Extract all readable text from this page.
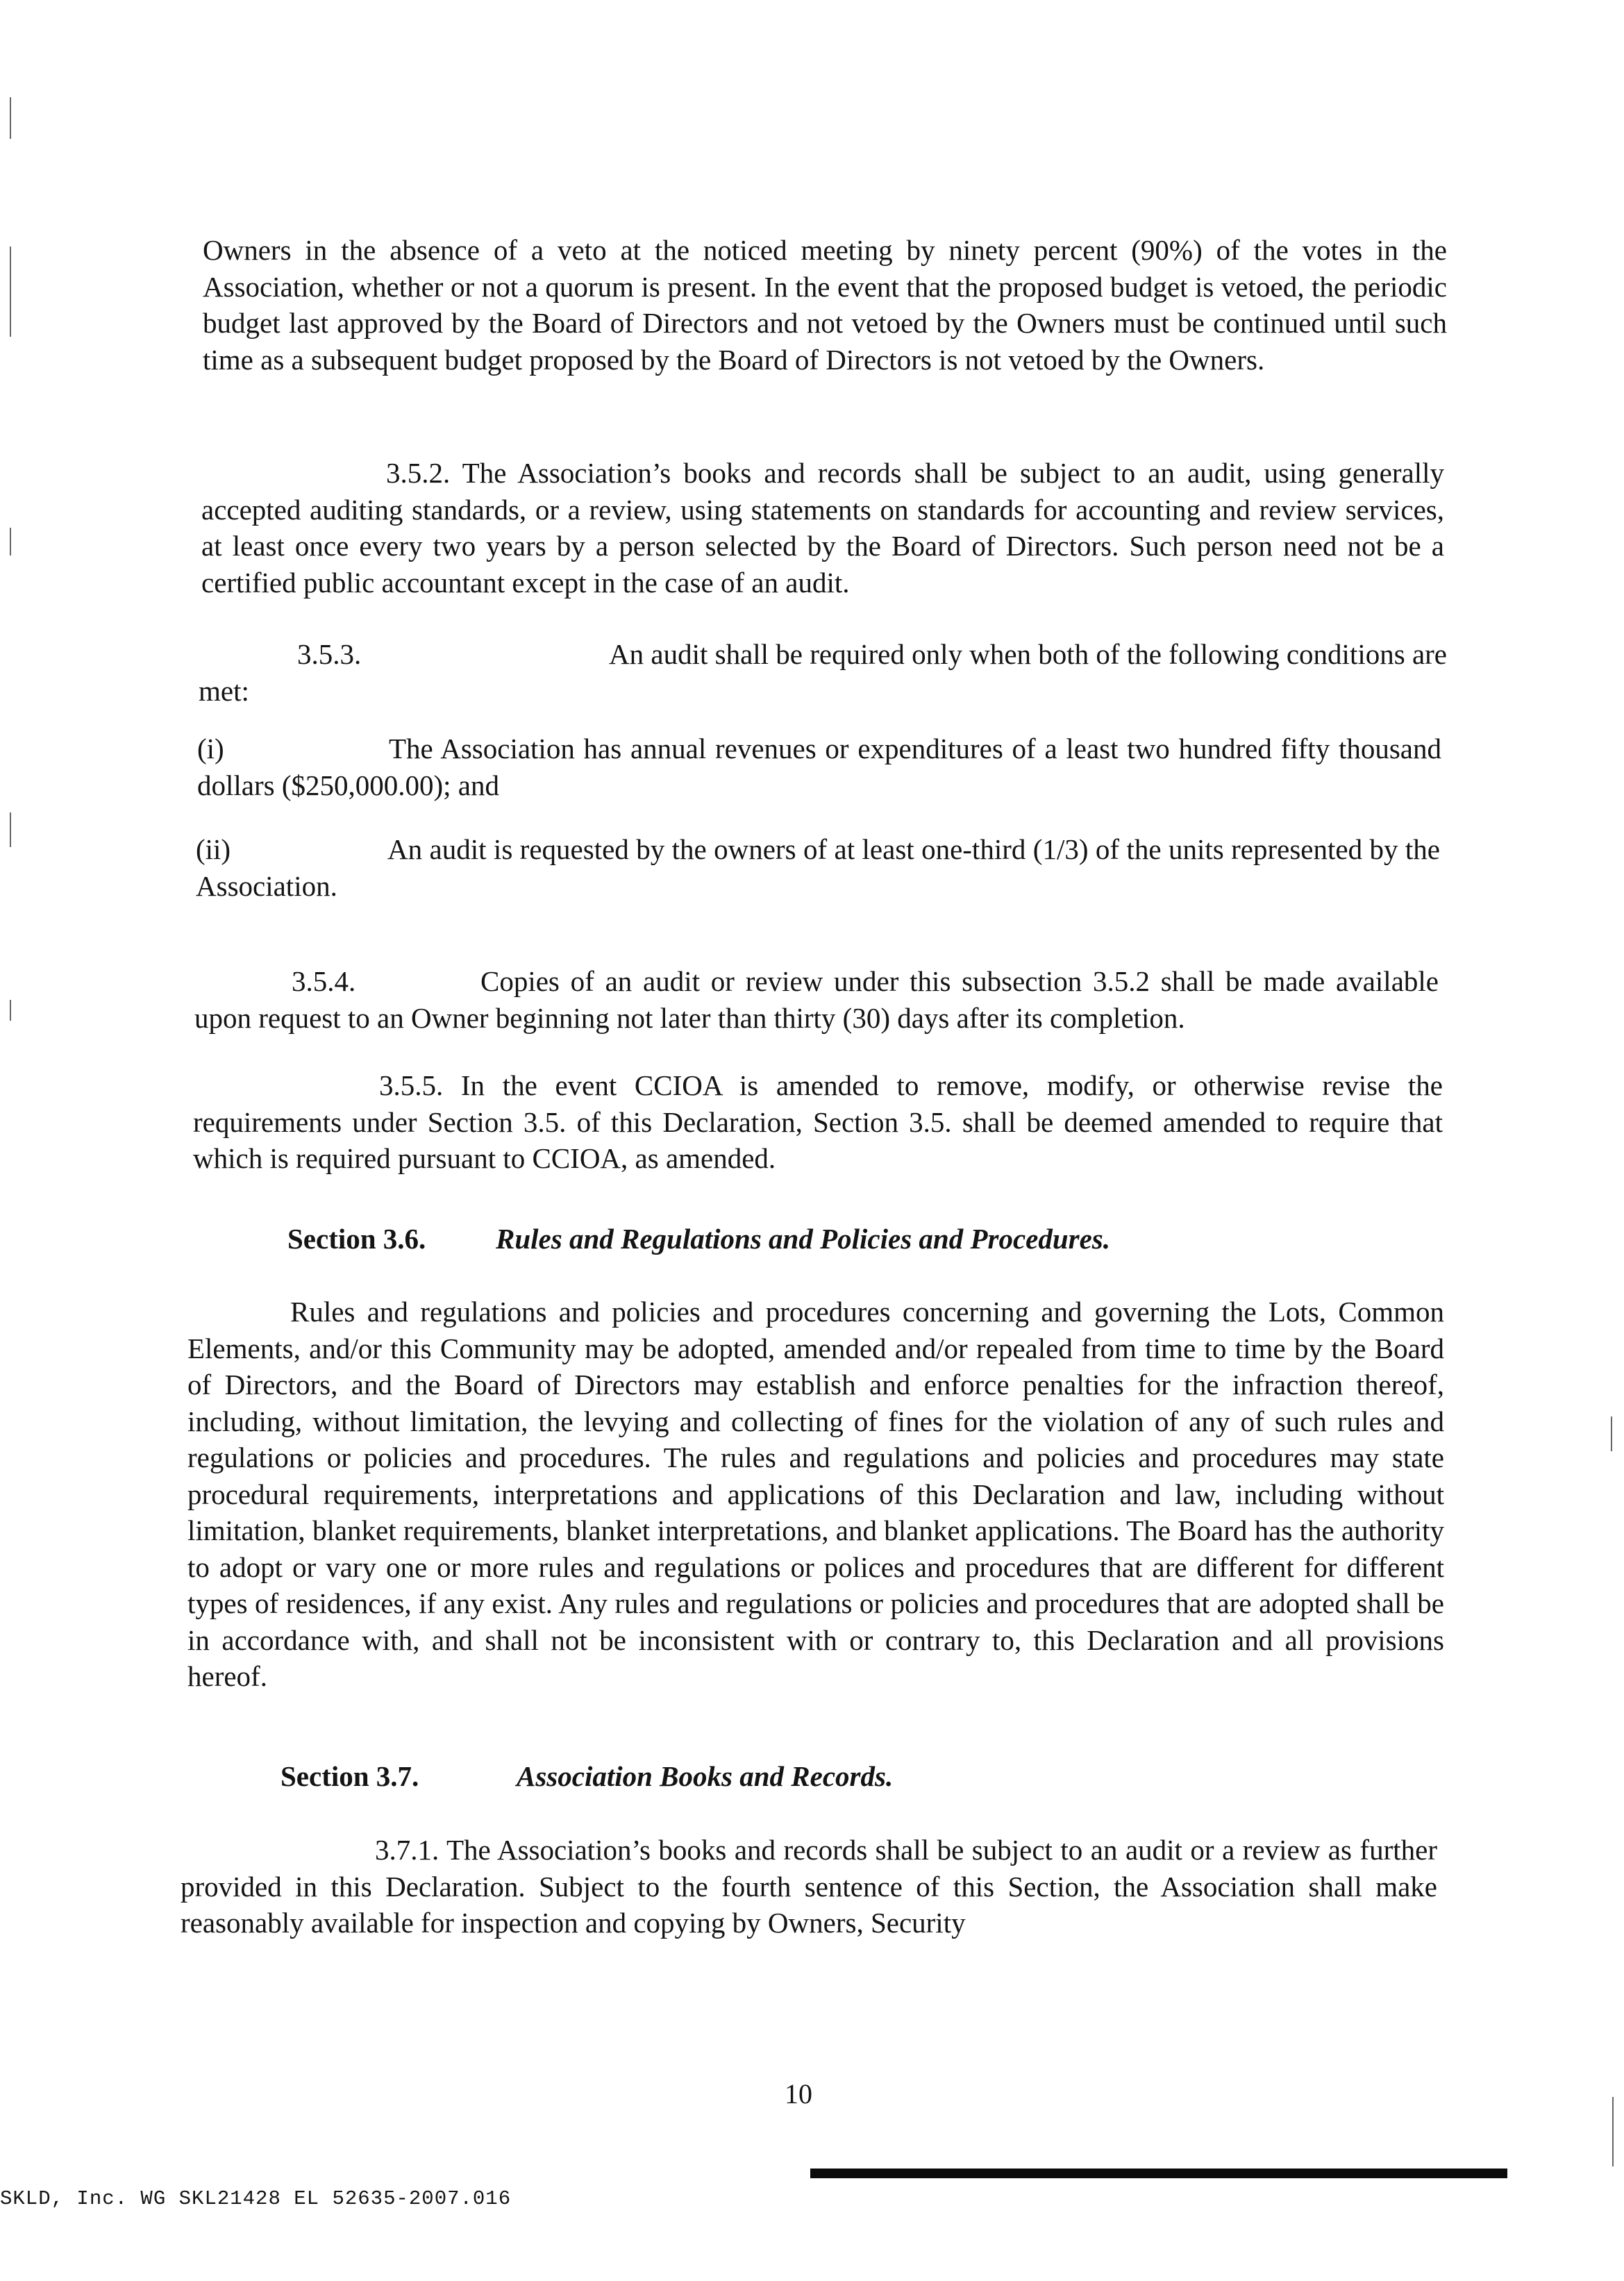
Owners in the absence of a veto at the noticed meeting by ninety percent (90%) of the votes in the Association, whether or not a quorum is present. In the event that the proposed budget is vetoed, the periodic budget last approved by the Board of Directors and not vetoed by the Owners must be continued until such time as a subsequent budget proposed by the Board of Directors is not vetoed by the Owners.

3.5.2. The Association’s books and records shall be subject to an audit, using generally accepted auditing standards, or a review, using statements on standards for accounting and review services, at least once every two years by a person selected by the Board of Directors. Such person need not be a certified public accountant except in the case of an audit.

3.5.3.	An audit shall be required only when both of the following conditions are
met:

(i)	The Association has annual revenues or expenditures of a least two hundred fifty thousand dollars ($250,000.00); and

(ii)	An audit is requested by the owners of at least one-third (1/3) of the units represented by the Association.

3.5.4.	Copies of an audit or review under this subsection 3.5.2 shall be made available upon request to an Owner beginning not later than thirty (30) days after its completion.

3.5.5. In the event CCIOA is amended to remove, modify, or otherwise revise the requirements under Section 3.5. of this Declaration, Section 3.5. shall be deemed amended to require that which is required pursuant to CCIOA, as amended.

Section 3.6. Rules and Regulations and Policies and Procedures.

Rules and regulations and policies and procedures concerning and governing the Lots, Common Elements, and/or this Community may be adopted, amended and/or repealed from time to time by the Board of Directors, and the Board of Directors may establish and enforce penalties for the infraction thereof, including, without limitation, the levying and collecting of fines for the violation of any of such rules and regulations or policies and procedures. The rules and regulations and policies and procedures may state procedural requirements, interpretations and applications of this Declaration and law, including without limitation, blanket requirements, blanket interpretations, and blanket applications. The Board has the authority to adopt or vary one or more rules and regulations or polices and procedures that are different for different types of residences, if any exist. Any rules and regulations or policies and procedures that are adopted shall be in accordance with, and shall not be inconsistent with or contrary to, this Declaration and all provisions hereof.

Section 3.7.	Association Books and Records.

3.7.1. The Association’s books and records shall be subject to an audit or a review as further provided in this Declaration. Subject to the fourth sentence of this Section, the Association shall make reasonably available for inspection and copying by Owners, Security

10
SKLD, Inc. WG SKL21428 EL 52635-2007.016
